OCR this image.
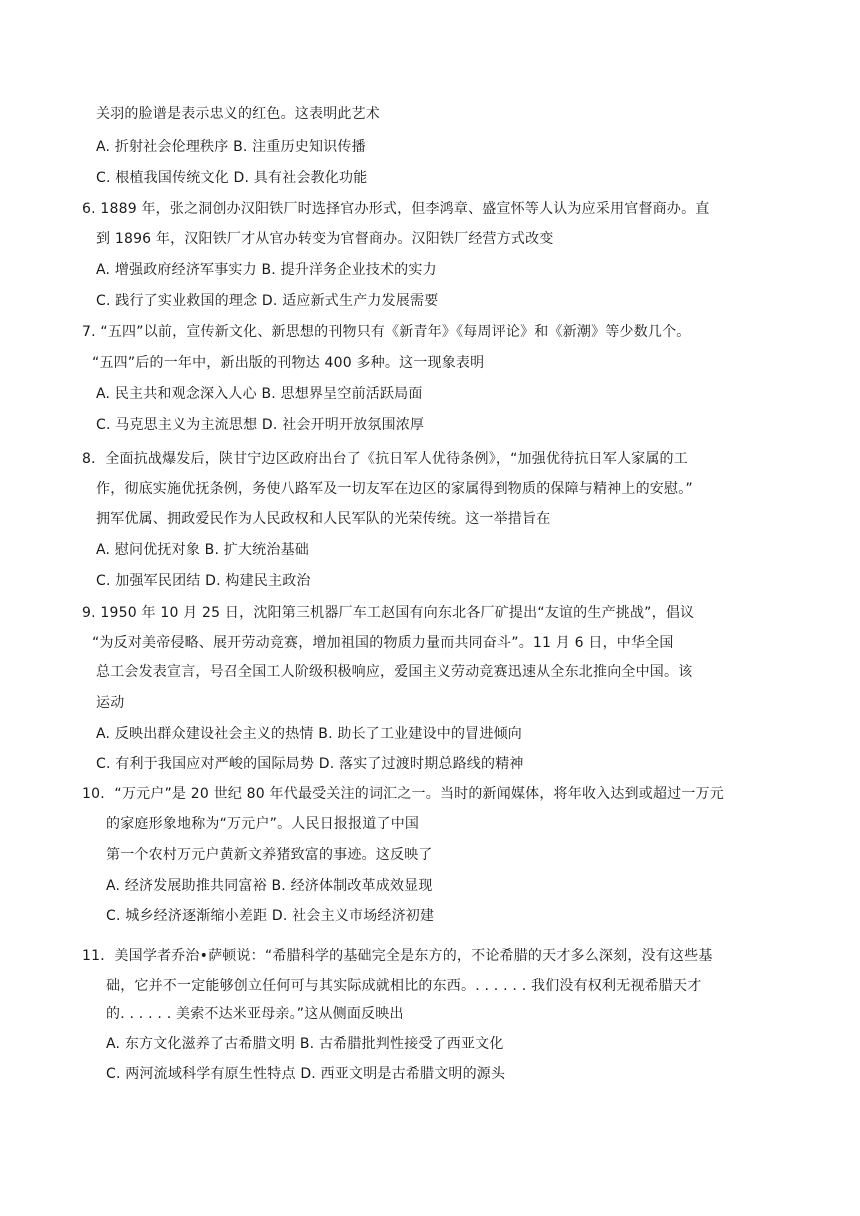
关羽的脸谱是表示忠义的红色。这表明此艺术
A. 折射社会伦理秩序 B. 注重历史知识传播
C. 根植我国传统文化 D. 具有社会教化功能
6. 1889 年，张之洞创办汉阳铁厂时选择官办形式，但李鸿章、盛宣怀等人认为应采用官督商办。直
到 1896 年，汉阳铁厂才从官办转变为官督商办。汉阳铁厂经营方式改变
A. 增强政府经济军事实力 B. 提升洋务企业技术的实力
C. 践行了实业救国的理念 D. 适应新式生产力发展需要
7. “五四”以前，宣传新文化、新思想的刊物只有《新青年》《每周评论》和《新潮》等少数几个。
“五四”后的一年中，新出版的刊物达 400 多种。这一现象表明
A. 民主共和观念深入人心 B. 思想界呈空前活跃局面
C. 马克思主义为主流思想 D. 社会开明开放氛围浓厚
8．全面抗战爆发后，陕甘宁边区政府出台了《抗日军人优待条例》，“加强优待抗日军人家属的工
作，彻底实施优抚条例，务使八路军及一切友军在边区的家属得到物质的保障与精神上的安慰。”
拥军优属、拥政爱民作为人民政权和人民军队的光荣传统。这一举措旨在
A. 慰问优抚对象 B. 扩大统治基础
C. 加强军民团结 D. 构建民主政治
9. 1950 年 10 月 25 日，沈阳第三机器厂车工赵国有向东北各厂矿提出“友谊的生产挑战”，倡议
“为反对美帝侵略、展开劳动竞赛，增加祖国的物质力量而共同奋斗”。11 月 6 日，中华全国
总工会发表宣言，号召全国工人阶级积极响应，爱国主义劳动竞赛迅速从全东北推向全中国。该
运动
A. 反映出群众建设社会主义的热情 B. 助长了工业建设中的冒进倾向
C. 有利于我国应对严峻的国际局势 D. 落实了过渡时期总路线的精神
10．“万元户”是 20 世纪 80 年代最受关注的词汇之一。当时的新闻媒体，将年收入达到或超过一万元
的家庭形象地称为“万元户”。人民日报报道了中国
第一个农村万元户黄新文养猪致富的事迹。这反映了
A. 经济发展助推共同富裕 B. 经济体制改革成效显现
C. 城乡经济逐渐缩小差距 D. 社会主义市场经济初建
11．美国学者乔治•萨顿说：“希腊科学的基础完全是东方的，不论希腊的天才多么深刻，没有这些基
础，它并不一定能够创立任何可与其实际成就相比的东西。. . . . . . 我们没有权利无视希腊天才
的. . . . . . 美索不达米亚母亲。”这从侧面反映出
A. 东方文化滋养了古希腊文明 B. 古希腊批判性接受了西亚文化
C. 两河流域科学有原生性特点 D. 西亚文明是古希腊文明的源头
